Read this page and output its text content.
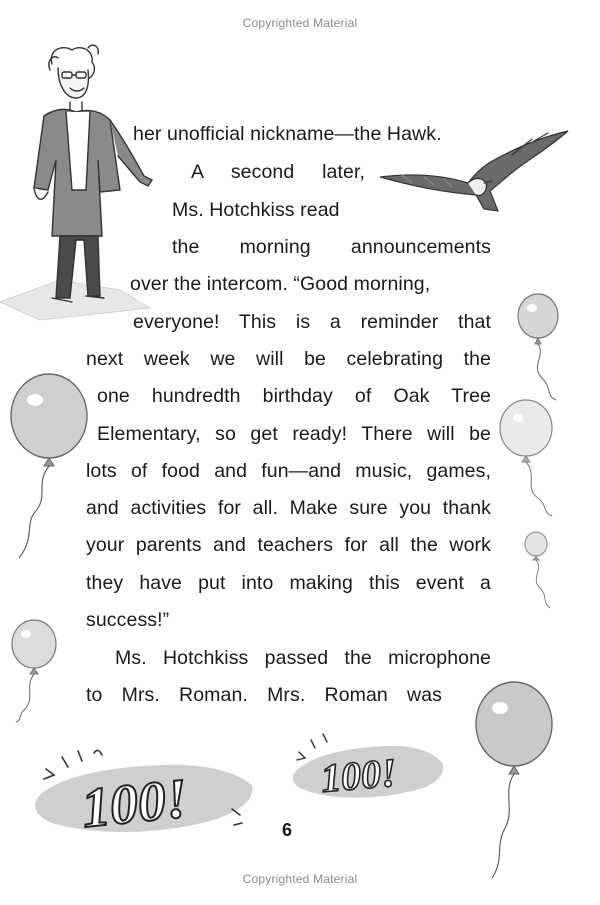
Copyrighted Material
her unofficial nickname—the Hawk.
A second later,
Ms. Hotchkiss read
the morning announcements
over the intercom. “Good morning,
everyone! This is a reminder that
next week we will be celebrating the
one hundredth birthday of Oak Tree
Elementary, so get ready! There will be
lots of food and fun—and music, games,
and activities for all. Make sure you thank
your parents and teachers for all the work
they have put into making this event a
success!”
Ms. Hotchkiss passed the microphone
to Mrs. Roman. Mrs. Roman was
100!	100!
6
Copyrighted Material
